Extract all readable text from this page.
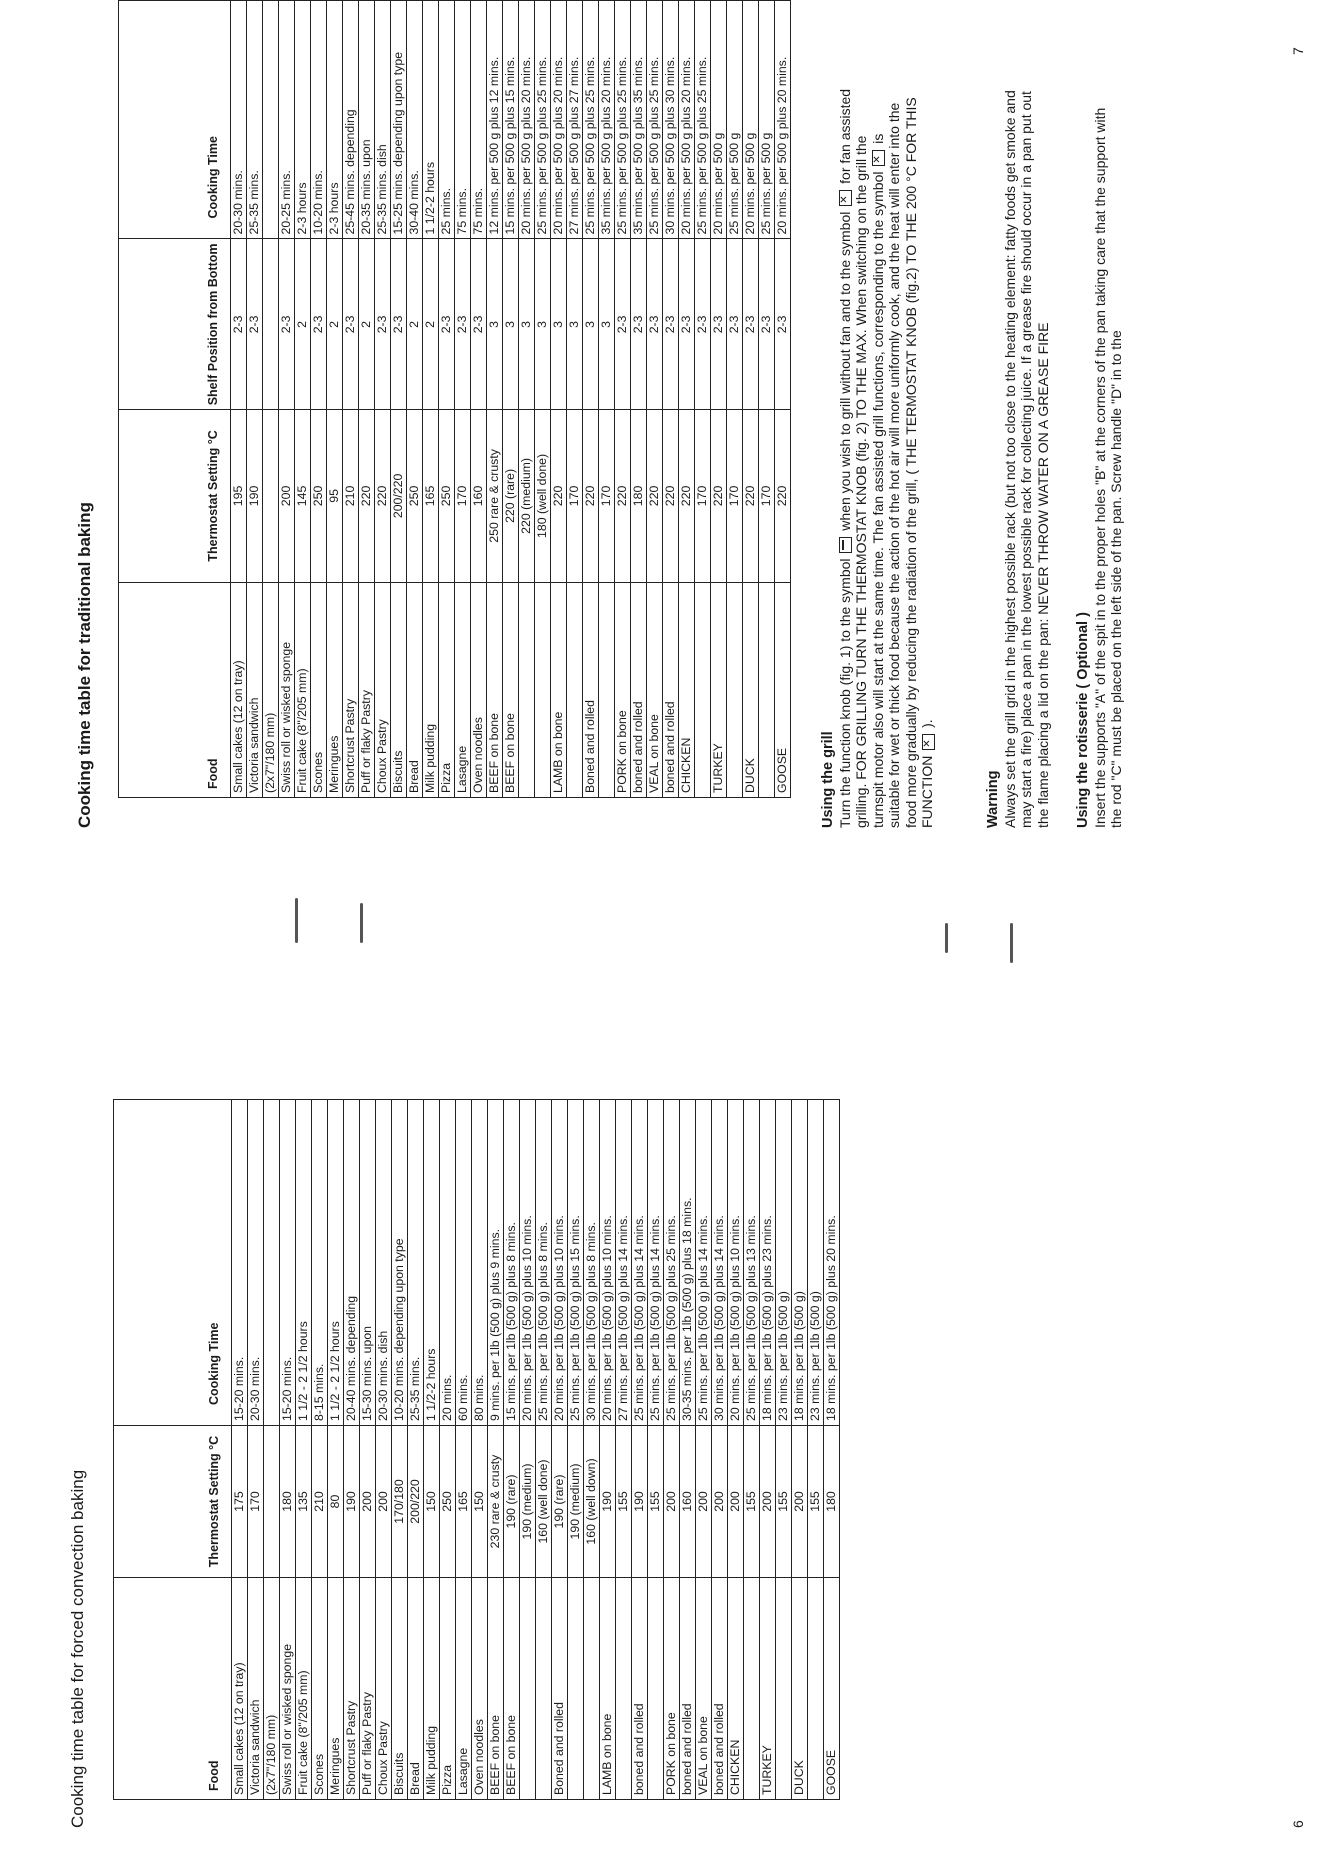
Cooking time table for forced convection baking	Food	Thermostat Setting °C	Cooking Time
Small cakes (12 on tray)	175	15-20 mins.
Victoria sandwich	170	20-30 mins.
(2x7"/180 mm)		
Swiss roll or wisked sponge	180	15-20 mins.
Fruit cake (8"/205 mm)	135	1 1/2 - 2 1/2 hours
Scones	210	8-15 mins.
Meringues	80	1 1/2 - 2 1/2 hours
Shortcrust Pastry	190	20-40 mins. depending
Puff or flaky Pastry	200	15-30 mins. upon
Choux Pastry	200	20-30 mins. dish
Biscuits	170/180	10-20 mins. depending upon type
Bread	200/220	25-35 mins.
Milk pudding	150	1 1/2-2 hours
Pizza	250	20 mins.
Lasagne	165	60 mins.
Oven noodles	150	80 mins.
BEEF on bone	230 rare & crusty	9 mins. per 1lb (500 g) plus 9 mins.
BEEF on bone	190 (rare)	15 mins. per 1lb (500 g) plus 8 mins.
	190 (medium)	20 mins. per 1lb (500 g) plus 10 mins.
	160 (well done)	25 mins. per 1lb (500 g) plus 8 mins.
Boned and rolled	190 (rare)	20 mins. per 1lb (500 g) plus 10 mins.
	190 (medium)	25 mins. per 1lb (500 g) plus 15 mins.
	160 (well down)	30 mins. per 1lb (500 g) plus 8 mins.
LAMB on bone	190	20 mins. per 1lb (500 g) plus 10 mins.
	155	27 mins. per 1lb (500 g) plus 14 mins.
boned and rolled	190	25 mins. per 1lb (500 g) plus 14 mins.
	155	25 mins. per 1lb (500 g) plus 14 mins.
PORK on bone	200	25 mins. per 1lb (500 g) plus 25 mins.
boned and rolled	160	30-35 mins. per 1lb (500 g) plus 18 mins.
VEAL on bone	200	25 mins. per 1lb (500 g) plus 14 mins.
boned and rolled	200	30 mins. per 1lb (500 g) plus 14 mins.
CHICKEN	200	20 mins. per 1lb (500 g) plus 10 mins.
	155	25 mins. per 1lb (500 g) plus 13 mins.
TURKEY	200	18 mins. per 1lb (500 g) plus 23 mins.
	155	23 mins. per 1lb (500 g)
DUCK	200	18 mins. per 1lb (500 g)
	155	23 mins. per 1lb (500 g)
GOOSE	180	18 mins. per 1lb (500 g) plus 20 mins.
Cooking time table for traditional baking	Food	Thermostat Setting °C	Shelf Position from Bottom	Cooking Time
Small cakes (12 on tray)	195	2-3	20-30 mins.
Victoria sandwich	190	2-3	25-35 mins.
(2x7"/180 mm)			
Swiss roll or wisked sponge	200	2-3	20-25 mins.
Fruit cake (8"/205 mm)	145	2	2-3 hours
Scones	250	2-3	10-20 mins.
Meringues	95	2	2-3 hours
Shortcrust Pastry	210	2-3	25-45 mins. depending
Puff or flaky Pastry	220	2	20-35 mins. upon
Choux Pastry	220	2-3	25-35 mins. dish
Biscuits	200/220	2-3	15-25 mins. depending upon type
Bread	250	2	30-40 mins.
Milk pudding	165	2	1 1/2-2 hours
Pizza	250	2-3	25 mins.
Lasagne	170	2-3	75 mins.
Oven noodles	160	2-3	75 mins.
BEEF on bone	250 rare & crusty	3	12 mins. per 500 g plus 12 mins.
BEEF on bone	220 (rare)	3	15 mins. per 500 g plus 15 mins.
	220 (medium)	3	20 mins. per 500 g plus 20 mins.
	180 (well done)	3	25 mins. per 500 g plus 25 mins.
LAMB on bone	220	3	20 mins. per 500 g plus 20 mins.
	170	3	27 mins. per 500 g plus 27 mins.
Boned and rolled	220	3	25 mins. per 500 g plus 25 mins.
	170	3	35 mins. per 500 g plus 20 mins.
PORK on bone	220	2-3	25 mins. per 500 g plus 25 mins.
boned and rolled	180	2-3	35 mins. per 500 g plus 35 mins.
VEAL on bone	220	2-3	25 mins. per 500 g plus 25 mins.
boned and rolled	220	2-3	30 mins. per 500 g plus 30 mins.
CHICKEN	220	2-3	20 mins. per 500 g plus 20 mins.
	170	2-3	25 mins. per 500 g plus 25 mins.
TURKEY	220	2-3	20 mins. per 500 g
	170	2-3	25 mins. per 500 g
DUCK	220	2-3	20 mins. per 500 g
	170	2-3	25 mins. per 500 g
GOOSE	220	2-3	20 mins. per 500 g plus 20 mins.
Using the grill Turn the function knob (fig. 1) to the symbol  when you wish to grill without fan and to the symbol ✕ for fan assisted grilling. FOR GRILLING TURN THE THERMOSTAT KNOB (fig. 2) TO THE MAX. When switching on the grill the turnspit motor also will start at the same time. The fan assisted grill functions, corresponding to the symbol ✕ is suitable for wet or thick food because the action of the hot air will more uniformly cook, and the heat will enter into the food more gradually by reducing the radiation of the grill, ( THE TERMOSTAT KNOB (fig.2) TO THE 200 °C FOR THIS FUNCTION ✕ ).

Warning Always set the grill grid in the highest possible rack (but not too close to the heating element: fatty foods get smoke and may start a fire) place a pan in the lowest possible rack for collecting juice. If a grease fire should occur in a pan put out the flame placing a lid on the pan: NEVER THROW WATER ON A GREASE FIRE Using the rotisserie ( Optional ) Insert the supports "A" of the spit in to the proper holes "B" at the corners of the pan taking care that the support with the rod "C" must be placed on the left side of the pan. Screw handle "D" in to the

6
7
